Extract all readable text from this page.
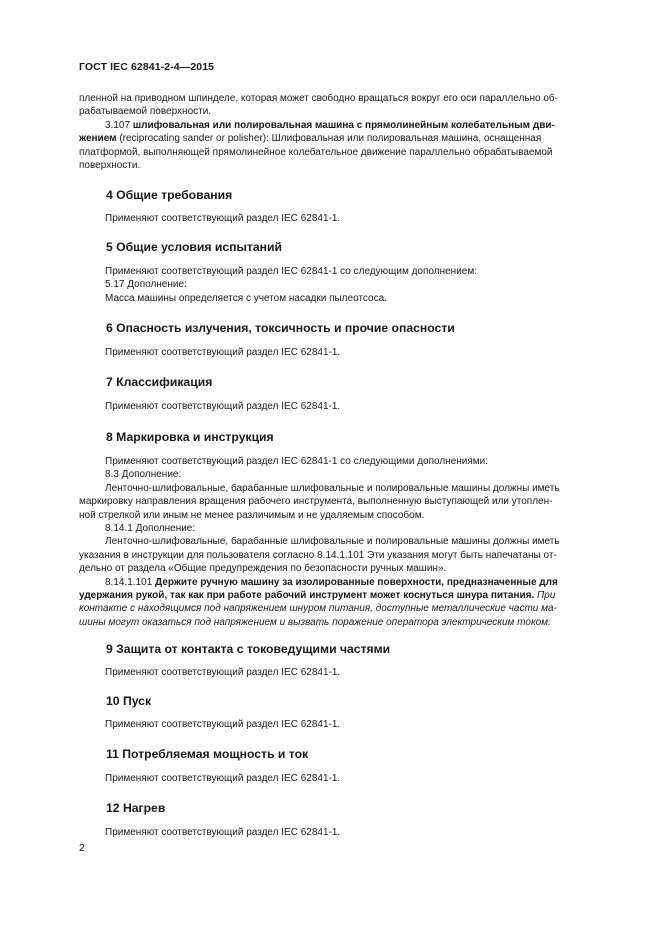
ГОСТ IEC 62841-2-4—2015

пленной на приводном шпинделе, которая может свободно вращаться вокруг его оси параллельно об-

рабатываемой поверхности.

3.107 шлифовальная или полировальная машина с прямолинейным колебательным дви-

жением (reciprocating sander or polisher): Шлифовальная или полировальная машина, оснащенная

платформой, выполняющей прямолинейное колебательное движение параллельно обрабатываемой

поверхности.

4 Общие требования

Применяют соответствующий раздел IEC 62841-1.

5 Общие условия испытаний

Применяют соответствующий раздел IEC 62841-1 со следующим дополнением:

5.17 Дополнение:

Масса машины определяется с учетом насадки пылеотсоса.

6 Опасность излучения, токсичность и прочие опасности

Применяют соответствующий раздел IEC 62841-1.

7 Классификация

Применяют соответствующий раздел IEC 62841-1.

8 Маркировка и инструкция

Применяют соответствующий раздел IEC 62841-1 со следующими дополнениями:

8.3 Дополнение:

Ленточно-шлифовальные, барабанные шлифовальные и полировальные машины должны иметь

маркировку направления вращения рабочего инструмента, выполненную выступающей или утоплен-

ной стрелкой или иным не менее различимым и не удаляемым способом.

8.14.1 Дополнение:

Ленточно-шлифовальные, барабанные шлифовальные и полировальные машины должны иметь

указания в инструкции для пользователя согласно 8.14.1.101 Эти указания могут быть напечатаны от-

дельно от раздела «Общие предупреждения по безопасности ручных машин».

8.14.1.101 Держите ручную машину за изолированные поверхности, предназначенные для

удержания рукой, так как при работе рабочий инструмент может коснуться шнура питания. При

контакте с находящимся под напряжением шнуром питания, доступные металлические части ма-

шины могут оказаться под напряжением и вызвать поражение оператора электрическим током.

9 Защита от контакта с токоведущими частями

Применяют соответствующий раздел IEC 62841-1.

10 Пуск

Применяют соответствующий раздел IEC 62841-1.

11 Потребляемая мощность и ток

Применяют соответствующий раздел IEC 62841-1.

12 Нагрев

Применяют соответствующий раздел IEC 62841-1.

2
